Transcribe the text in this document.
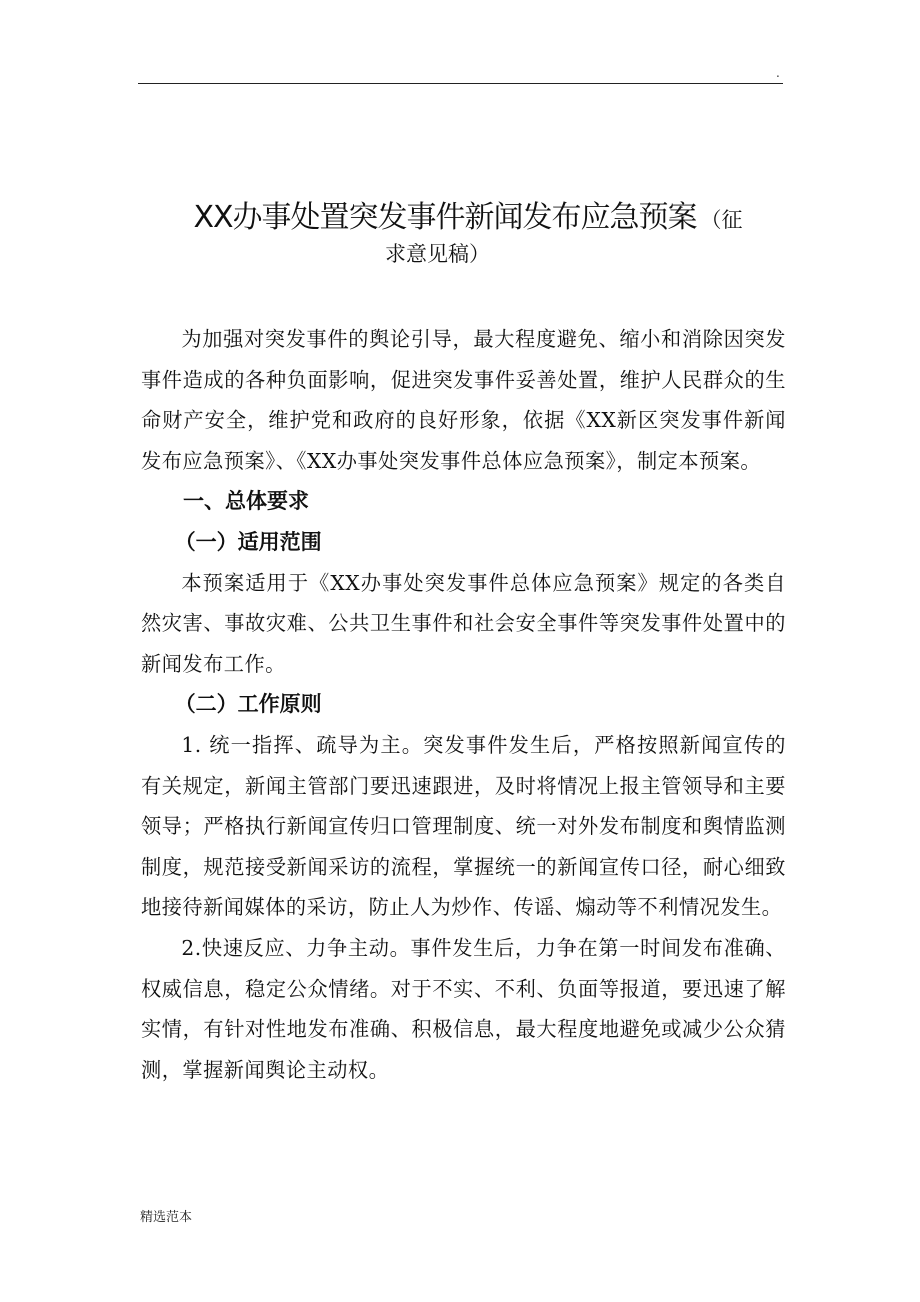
.
XX办事处置突发事件新闻发布应急预案 （征
求意见稿）

为加强对突发事件的舆论引导，最大程度避免、缩小和消除因突发事件造成的各种负面影响，促进突发事件妥善处置，维护人民群众的生命财产安全，维护党和政府的良好形象，依据《XX新区突发事件新闻发布应急预案》、《XX办事处突发事件总体应急预案》，制定本预案。

一、总体要求
（一）适用范围

本预案适用于《XX办事处突发事件总体应急预案》规定的各类自然灾害、事故灾难、公共卫生事件和社会安全事件等突发事件处置中的新闻发布工作。

（二）工作原则

1. 统一指挥、疏导为主。突发事件发生后，严格按照新闻宣传的有关规定，新闻主管部门要迅速跟进，及时将情况上报主管领导和主要领导；严格执行新闻宣传归口管理制度、统一对外发布制度和舆情监测制度，规范接受新闻采访的流程，掌握统一的新闻宣传口径，耐心细致地接待新闻媒体的采访，防止人为炒作、传谣、煽动等不利情况发生。

2.快速反应、力争主动。事件发生后，力争在第一时间发布准确、权威信息，稳定公众情绪。对于不实、不利、负面等报道，要迅速了解实情，有针对性地发布准确、积极信息，最大程度地避免或减少公众猜测，掌握新闻舆论主动权。

精选范本
